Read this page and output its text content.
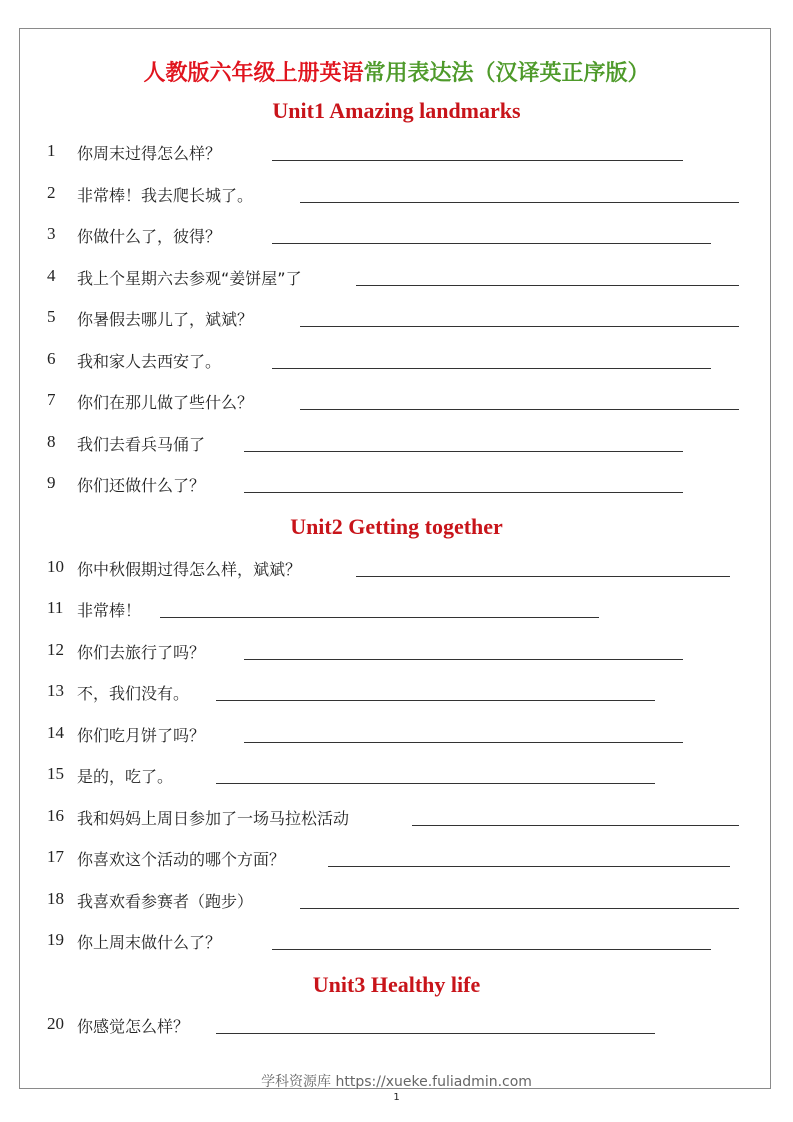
人教版六年级上册英语常用表达法（汉译英正序版）
Unit1 Amazing landmarks
1 你周末过得怎么样？
2 非常棒！我去爬长城了。
3 你做什么了，彼得？
4 我上个星期六去参观“姜饼屋”了
5 你暑假去哪儿了，斌斌？
6 我和家人去西安了。
7 你们在那儿做了些什么？
8 我们去看兵马俑了
9 你们还做什么了？
Unit2 Getting together
10 你中秋假期过得怎么样，斌斌？
11 非常棒！
12 你们去旅行了吗？
13 不，我们没有。
14 你们吃月饼了吗？
15 是的，吃了。
16 我和妈妈上周日参加了一场马拉松活动
17 你喜欢这个活动的哪个方面？
18 我喜欢看参赛者（跑步）
19 你上周末做什么了？
Unit3 Healthy life
20 你感觉怎么样？
学科资源库 https://xueke.fuliadmin.com
1
